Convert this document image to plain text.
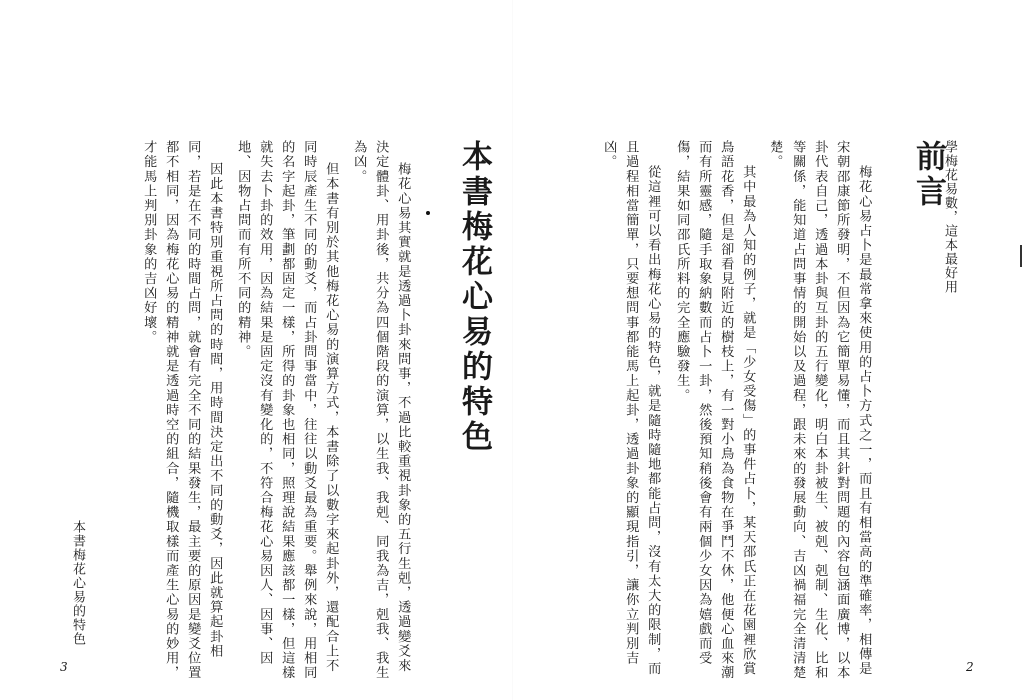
學梅花易數，這本最好用
前言
梅花心易占卜是最常拿來使用的占卜方式之一，而且有相當高的準確率，相傳是
宋朝邵康節所發明，不但因為它簡單易懂，而且其針對問題的內容包涵面廣博，以本
卦代表自己，透過本卦與互卦的五行變化，明白本卦被生、被剋、剋制、生化、比和
等關係，能知道占問事情的開始以及過程，跟未來的發展動向、吉凶禍福完全清清楚
楚。
其中最為人知的例子，就是「少女受傷」的事件占卜，某天邵氏正在花園裡欣賞
鳥語花香，但是卻看見附近的樹枝上，有一對小鳥為食物在爭鬥不休，他便心血來潮
而有所靈感，隨手取象納數而占卜一卦，然後預知稍後會有兩個少女因為嬉戲而受
傷，結果如同邵氏所料的完全應驗發生。
從這裡可以看出梅花心易的特色，就是隨時隨地都能占問，沒有太大的限制，而
且過程相當簡單，只要想問事都能馬上起卦，透過卦象的顯現指引，讓你立判別吉
凶。
2
本書梅花心易的特色
梅花心易其實就是透過卜卦來問事，不過比較重視卦象的五行生剋，透過變爻來
決定體卦、用卦後，共分為四個階段的演算，以生我、我剋、同我為吉，剋我、我生
為凶。
但本書有別於其他梅花心易的演算方式，本書除了以數字來起卦外，還配合上不
同時辰產生不同的動爻，而占卦問事當中，往往以動爻最為重要。舉例來說，用相同
的名字起卦，筆劃都固定一樣，所得的卦象也相同，照理說結果應該都一樣，但這樣
就失去卜卦的效用，因為結果是固定沒有變化的，不符合梅花心易因人、因事、因
地、因物占問而有所不同的精神。
因此本書特別重視所占問的時間，用時間決定出不同的動爻，因此就算起卦相
同，若是在不同的時間占問，就會有完全不同的結果發生，最主要的原因是變爻位置
都不相同，因為梅花心易的精神就是透過時空的組合，隨機取樣而產生心易的妙用，
才能馬上判別卦象的吉凶好壞。
本書梅花心易的特色
3
